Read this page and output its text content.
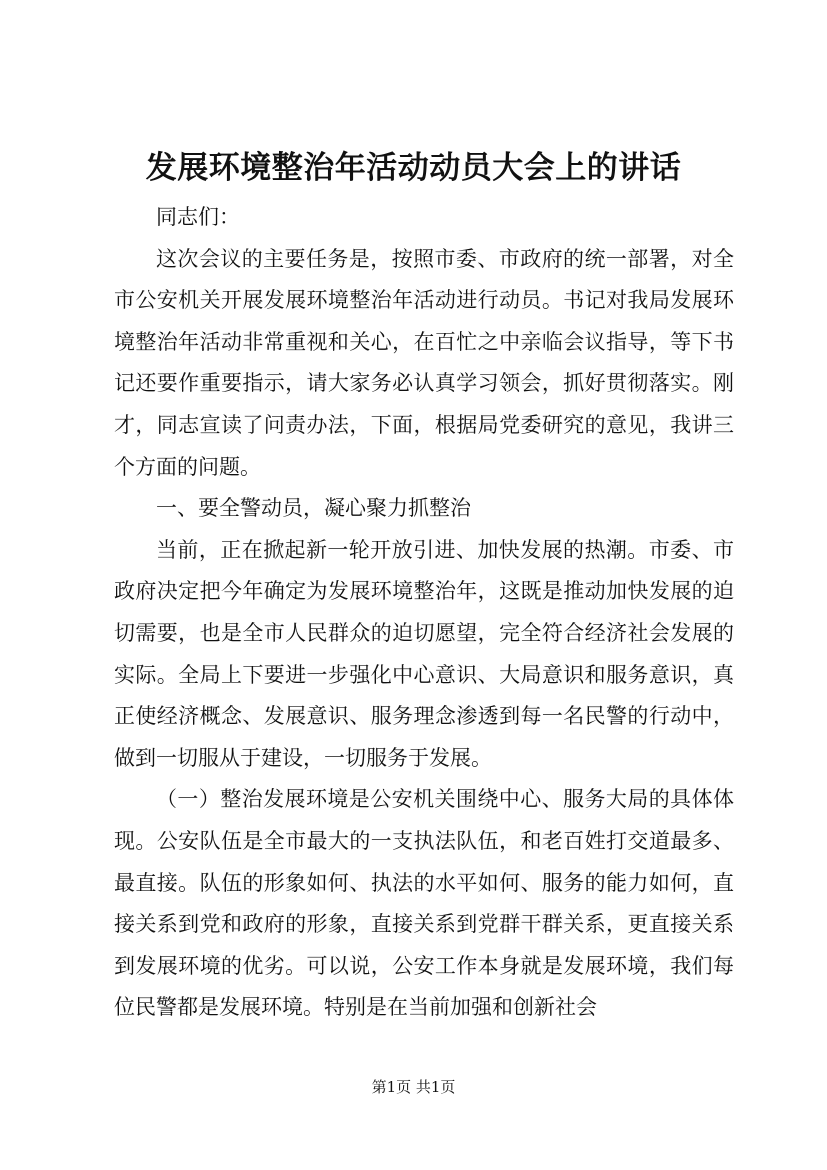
发展环境整治年活动动员大会上的讲话

同志们：

这次会议的主要任务是，按照市委、市政府的统一部署，对全市公安机关开展发展环境整治年活动进行动员。书记对我局发展环境整治年活动非常重视和关心，在百忙之中亲临会议指导，等下书记还要作重要指示，请大家务必认真学习领会，抓好贯彻落实。刚才，同志宣读了问责办法，下面，根据局党委研究的意见，我讲三个方面的问题。

一、要全警动员，凝心聚力抓整治

当前，正在掀起新一轮开放引进、加快发展的热潮。市委、市政府决定把今年确定为发展环境整治年，这既是推动加快发展的迫切需要，也是全市人民群众的迫切愿望，完全符合经济社会发展的实际。全局上下要进一步强化中心意识、大局意识和服务意识，真正使经济概念、发展意识、服务理念渗透到每一名民警的行动中，做到一切服从于建设，一切服务于发展。

（一）整治发展环境是公安机关围绕中心、服务大局的具体体现。公安队伍是全市最大的一支执法队伍，和老百姓打交道最多、最直接。队伍的形象如何、执法的水平如何、服务的能力如何，直接关系到党和政府的形象，直接关系到党群干群关系，更直接关系到发展环境的优劣。可以说，公安工作本身就是发展环境，我们每位民警都是发展环境。特别是在当前加强和创新社会

第1页 共1页
